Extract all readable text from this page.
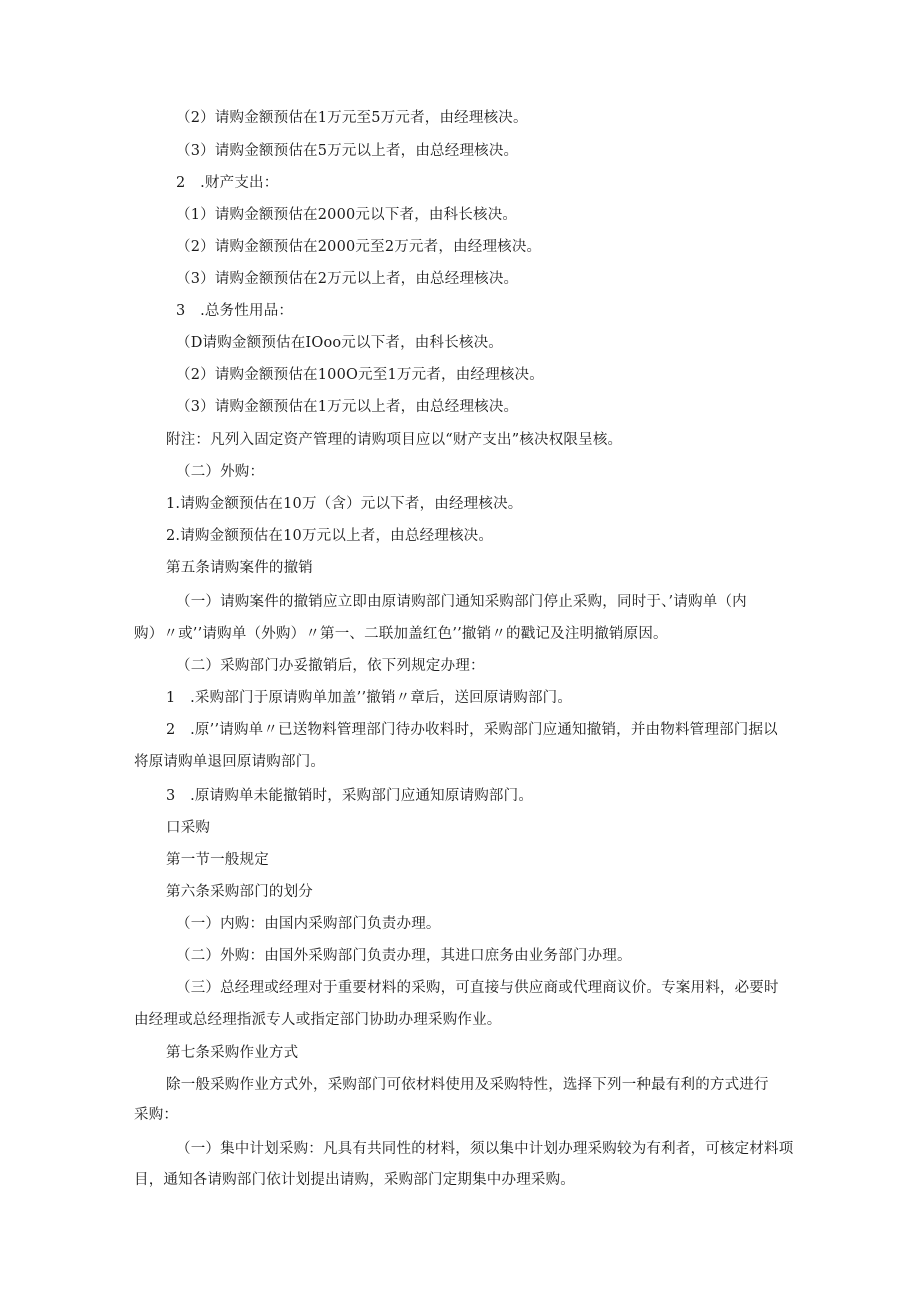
（2）请购金额预估在1万元至5万元者，由经理核决。
（3）请购金额预估在5万元以上者，由总经理核决。
2　.财产支出：
（1）请购金额预估在2000元以下者，由科长核决。
（2）请购金额预估在2000元至2万元者，由经理核决。
（3）请购金额预估在2万元以上者，由总经理核决。
3　.总务性用品：
（D请购金额预估在IOoo元以下者，由科长核决。
（2）请购金额预估在100O元至1万元者，由经理核决。
（3）请购金额预估在1万元以上者，由总经理核决。
附注：凡列入固定资产管理的请购项目应以“财产支出”核决权限呈核。
（二）外购：
1.请购金额预估在10万（含）元以下者，由经理核决。
2.请购金额预估在10万元以上者，由总经理核决。
第五条请购案件的撤销
（一）请购案件的撤销应立即由原请购部门通知采购部门停止采购，同时于、’请购单（内
购）〃或’’请购单（外购）〃第一、二联加盖红色’’撤销〃的戳记及注明撤销原因。
（二）采购部门办妥撤销后，依下列规定办理：
1　.采购部门于原请购单加盖’’撤销〃章后，送回原请购部门。
2　.原’’请购单〃已送物料管理部门待办收料时，采购部门应通知撤销，并由物料管理部门据以
将原请购单退回原请购部门。
3　.原请购单未能撤销时，采购部门应通知原请购部门。
口采购
第一节一般规定
第六条采购部门的划分
（一）内购：由国内采购部门负责办理。
（二）外购：由国外采购部门负责办理，其进口庶务由业务部门办理。
（三）总经理或经理对于重要材料的采购，可直接与供应商或代理商议价。专案用料，必要时
由经理或总经理指派专人或指定部门协助办理采购作业。
第七条采购作业方式
除一般采购作业方式外，采购部门可依材料使用及采购特性，选择下列一种最有利的方式进行
采购：
（一）集中计划采购：凡具有共同性的材料，须以集中计划办理采购较为有利者，可核定材料项
目，通知各请购部门依计划提出请购，采购部门定期集中办理采购。
